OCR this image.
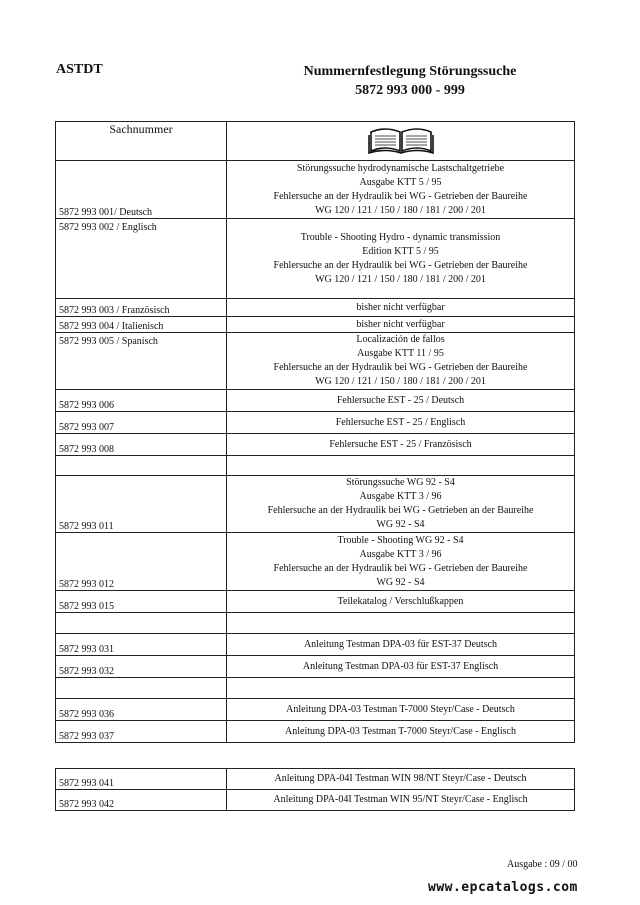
ASTDT	Nummernfestlegung Störungssuche
5872 993 000 - 999
Sachnummer	
5872 993 001/ Deutsch	Störungssuche hydrodynamische Lastschaltgetriebe
Ausgabe KTT 5 / 95
Fehlersuche an der Hydraulik bei WG - Getrieben der Baureihe
WG 120 / 121 / 150 / 180 / 181 / 200 / 201

5872 993 002 / Englisch	Trouble - Shooting Hydro - dynamic transmission
Edition KTT 5 / 95
Fehlersuche an der Hydraulik bei WG - Getrieben der Baureihe
WG 120 / 121 / 150 / 180 / 181 / 200 / 201

5872 993 003 / Französisch	bisher nicht verfügbar

5872 993 004 / Italienisch	bisher nicht verfügbar

5872 993 005 / Spanisch	Localización de fallos
Ausgabe KTT 11 / 95
Fehlersuche an der Hydraulik bei WG - Getrieben der Baureihe
WG 120 / 121 / 150 / 180 / 181 / 200 / 201

5872 993 006	Fehlersuche EST - 25 / Deutsch

5872 993 007	Fehlersuche EST - 25 / Englisch

5872 993 008	Fehlersuche EST - 25 / Französisch

5872 993 011	Störungssuche WG 92 - S4
Ausgabe KTT 3 / 96
Fehlersuche an der Hydraulik bei WG - Getrieben an der Baureihe
WG 92 - S4

5872 993 012	Trouble - Shooting WG 92 - S4
Ausgabe KTT 3 / 96
Fehlersuche an der Hydraulik bei WG - Getrieben der Baureihe
WG 92 - S4

5872 993 015	Teilekatalog / Verschlußkappen

5872 993 031	Anleitung Testman DPA-03 für EST-37 Deutsch

5872 993 032	Anleitung Testman DPA-03 für EST-37 Englisch

5872 993 036	Anleitung DPA-03 Testman T-7000 Steyr/Case - Deutsch

5872 993 037	Anleitung DPA-03 Testman T-7000 Steyr/Case - Englisch
5872 993 041	Anleitung DPA-04I Testman WIN 98/NT Steyr/Case - Deutsch
5872 993 042	Anleitung DPA-04I Testman WIN 95/NT Steyr/Case - Englisch
Ausgabe : 09 / 00
www.epcatalogs.com
